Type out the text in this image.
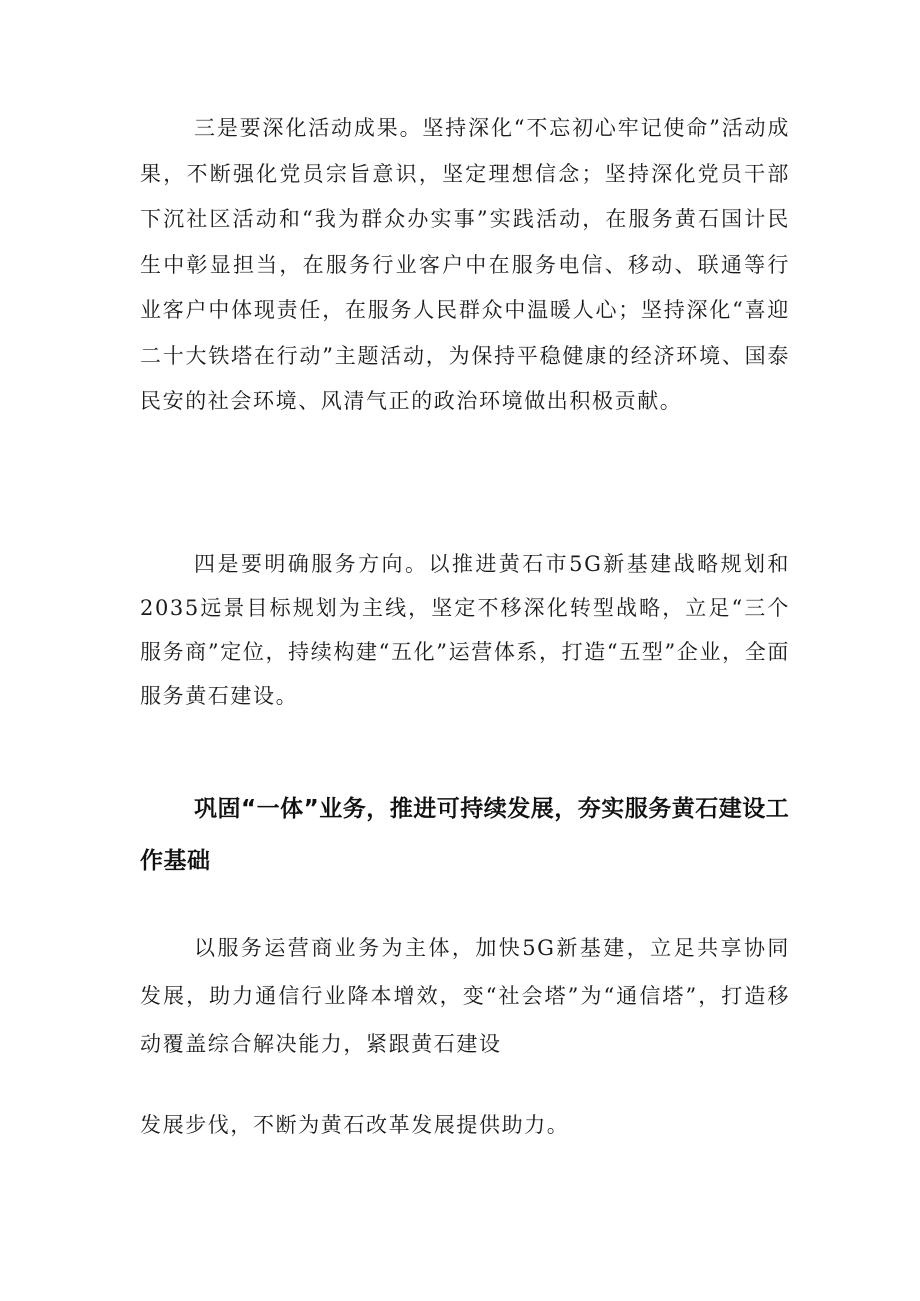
三是要深化活动成果。坚持深化“不忘初心牢记使命”活动成果，不断强化党员宗旨意识，坚定理想信念；坚持深化党员干部下沉社区活动和“我为群众办实事”实践活动，在服务黄石国计民生中彰显担当，在服务行业客户中在服务电信、移动、联通等行业客户中体现责任，在服务人民群众中温暖人心；坚持深化“喜迎二十大铁塔在行动”主题活动，为保持平稳健康的经济环境、国泰民安的社会环境、风清气正的政治环境做出积极贡献。

四是要明确服务方向。以推进黄石市5G新基建战略规划和2035远景目标规划为主线，坚定不移深化转型战略，立足“三个服务商”定位，持续构建“五化”运营体系，打造“五型”企业，全面服务黄石建设。

巩固“一体”业务，推进可持续发展，夯实服务黄石建设工作基础

以服务运营商业务为主体，加快5G新基建，立足共享协同发展，助力通信行业降本增效，变“社会塔”为“通信塔”，打造移动覆盖综合解决能力，紧跟黄石建设

发展步伐，不断为黄石改革发展提供助力。
